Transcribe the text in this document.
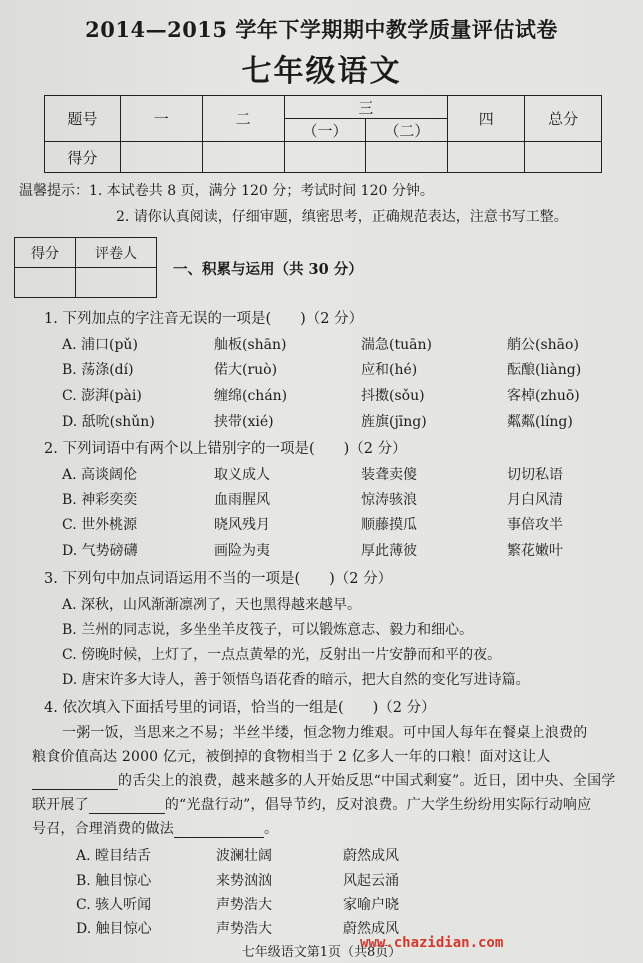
2014—2015 学年下学期期中教学质量评估试卷
七年级语文
题号	一	二	三		四	总分
			（一）	（二）		
得分						
温馨提示：1. 本试卷共 8 页，满分 120 分；考试时间 120 分钟。
2. 请你认真阅读，仔细审题，缜密思考，正确规范表达，注意书写工整。
得分	评卷人

一、积累与运用（共 30 分）
1. 下列加点的字注音无误的一项是(　　)（2 分）
A. 浦口(pǔ)	舢板(shān)	湍急(tuān)	艄公(shāo)
B. 荡涤(dí)	偌大(ruò)	应和(hé)	酝酿(liàng)
C. 澎湃(pài)	缠绵(chán)	抖擞(sǒu)	客棹(zhuō)
D. 舐吮(shǔn)	挟带(xié)	旌旗(jīng)	粼粼(líng)
2. 下列词语中有两个以上错别字的一项是(　　)（2 分）
A. 高谈阔伦	取义成人	装聋卖傻	切切私语
B. 神彩奕奕	血雨腥风	惊涛骇浪	月白风清
C. 世外桃源	晓风残月	顺藤摸瓜	事倍攻半
D. 气势磅礴	画险为夷	厚此薄彼	繁花嫩叶
3. 下列句中加点词语运用不当的一项是(　　)（2 分）
A. 深秋，山风渐渐凛冽了，天也黑得越来越早。
B. 兰州的同志说，多坐坐羊皮筏子，可以锻炼意志、毅力和细心。
C. 傍晚时候，上灯了，一点点黄晕的光，反射出一片安静而和平的夜。
D. 唐宋许多大诗人，善于领悟鸟语花香的暗示，把大自然的变化写进诗篇。
4. 依次填入下面括号里的词语，恰当的一组是(　　)（2 分）
一粥一饭，当思来之不易；半丝半缕，恒念物力维艰。可中国人每年在餐桌上浪费的
粮食价值高达 2000 亿元，被倒掉的食物相当于 2 亿多人一年的口粮！面对这让人
的舌尖上的浪费，越来越多的人开始反思“中国式剩宴”。近日，团中央、全国学
联开展了	的“光盘行动”，倡导节约，反对浪费。广大学生纷纷用实际行动响应
号召，合理消费的做法	。
A. 瞠目结舌	波澜壮阔	蔚然成风
B. 触目惊心	来势汹汹	风起云涌
C. 骇人听闻	声势浩大	家喻户晓
D. 触目惊心	声势浩大	蔚然成风
七年级语文第1页（共8页）
www.chazidian.com
